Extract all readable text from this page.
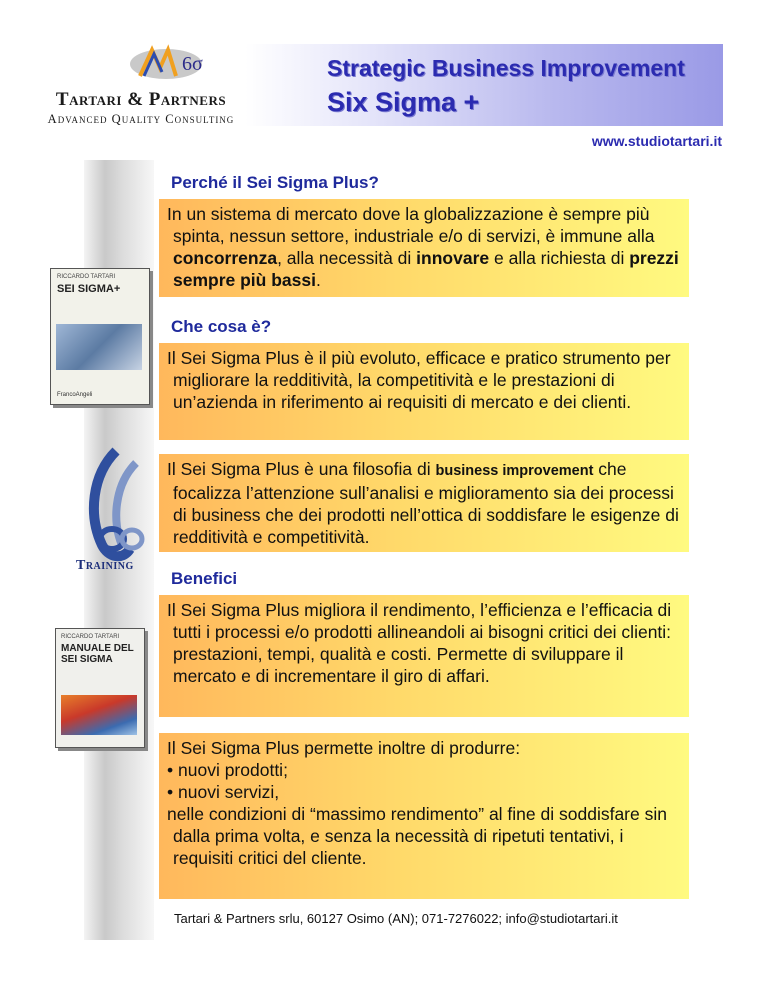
6σ
Tartari & Partners
Advanced Quality Consulting
Strategic Business Improvement
Six Sigma +
www.studiotartari.it
RICCARDO TARTARI
SEI SIGMA+
FrancoAngeli
Training
RICCARDO TARTARI
MANUALE DEL SEI SIGMA
Perché il Sei Sigma Plus?
In un sistema di mercato dove la globalizzazione è sempre più spinta, nessun settore, industriale e/o di servizi, è immune alla concorrenza, alla necessità di innovare e alla richiesta di prezzi sempre più bassi.
Che cosa è?
Il Sei Sigma Plus è il più evoluto, efficace e pratico strumento per migliorare la redditività, la competitività e le prestazioni di un’azienda in riferimento ai requisiti di mercato e dei clienti.
Il Sei Sigma Plus è una filosofia di business improvement che focalizza l’attenzione sull’analisi e miglioramento sia dei processi di business che dei prodotti nell’ottica di soddisfare le esigenze di redditività e competitività.
Benefici
Il Sei Sigma Plus migliora il rendimento, l’efficienza e l’efficacia di tutti i processi e/o prodotti allineandoli ai bisogni critici dei clienti: prestazioni, tempi, qualità e costi. Permette di sviluppare il mercato e di incrementare il giro di affari.
Il Sei Sigma Plus permette inoltre di produrre:
• nuovi prodotti;
• nuovi servizi,
nelle condizioni di “massimo rendimento” al fine di soddisfare sin dalla prima volta, e senza la necessità di ripetuti tentativi, i requisiti critici del cliente.
Tartari & Partners srlu, 60127 Osimo (AN); 071-7276022; info@studiotartari.it
